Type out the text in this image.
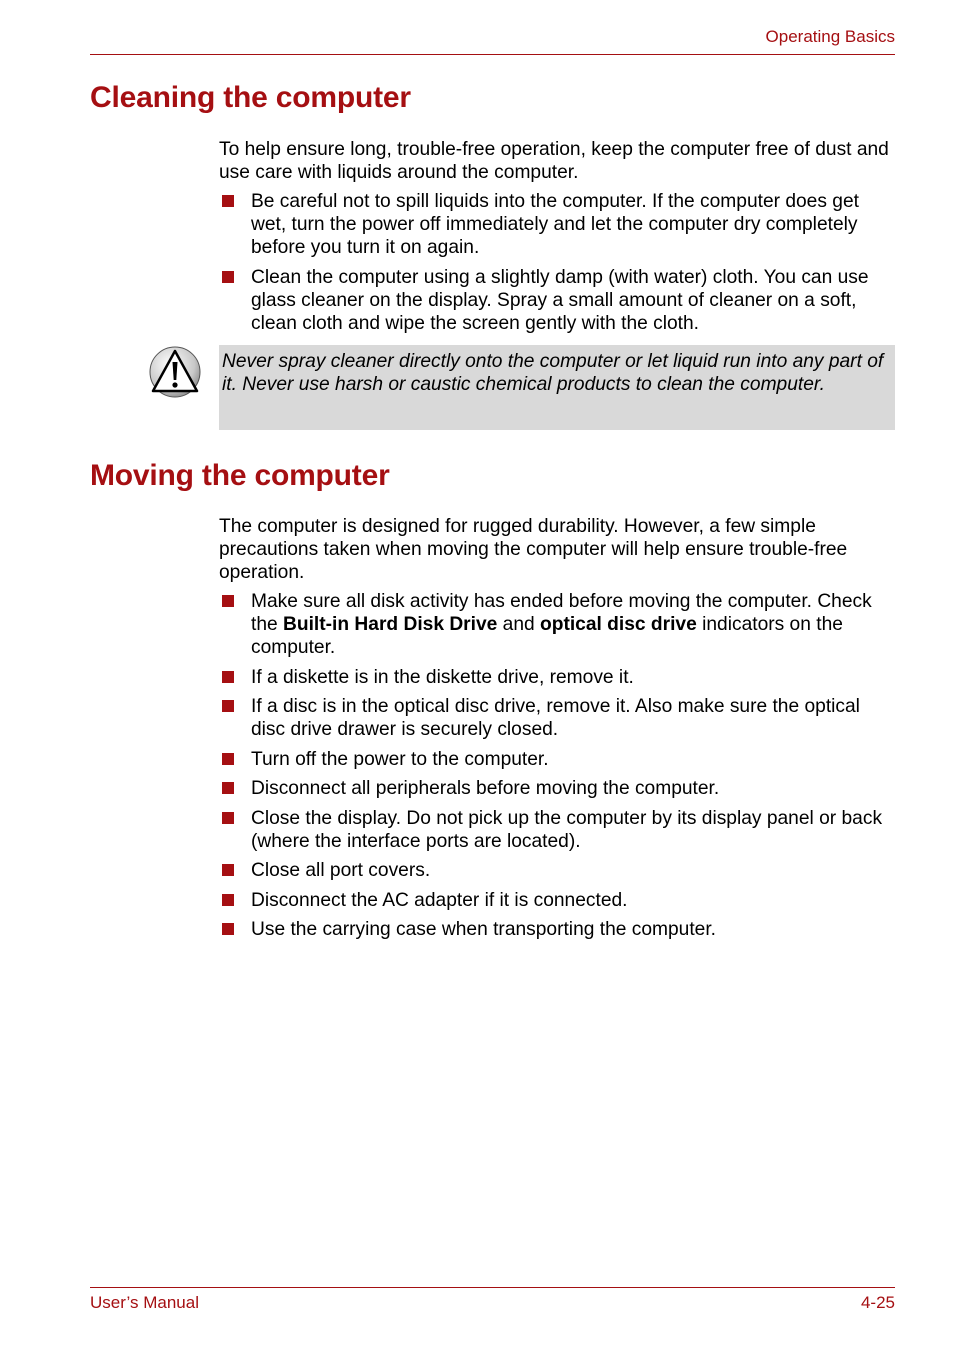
Operating Basics
Cleaning the computer

To help ensure long, trouble-free operation, keep the computer free of dust and use care with liquids around the computer.

Be careful not to spill liquids into the computer. If the computer does get wet, turn the power off immediately and let the computer dry completely before you turn it on again.
Clean the computer using a slightly damp (with water) cloth. You can use glass cleaner on the display. Spray a small amount of cleaner on a soft, clean cloth and wipe the screen gently with the cloth.
Never spray cleaner directly onto the computer or let liquid run into any part of it. Never use harsh or caustic chemical products to clean the computer.
Moving the computer

The computer is designed for rugged durability. However, a few simple precautions taken when moving the computer will help ensure trouble-free operation.

Make sure all disk activity has ended before moving the computer. Check the Built-in Hard Disk Drive and optical disc drive indicators on the computer.
If a diskette is in the diskette drive, remove it.
If a disc is in the optical disc drive, remove it. Also make sure the optical disc drive drawer is securely closed.
Turn off the power to the computer.
Disconnect all peripherals before moving the computer.
Close the display. Do not pick up the computer by its display panel or back (where the interface ports are located).
Close all port covers.
Disconnect the AC adapter if it is connected.
Use the carrying case when transporting the computer.
User’s Manual	4-25
